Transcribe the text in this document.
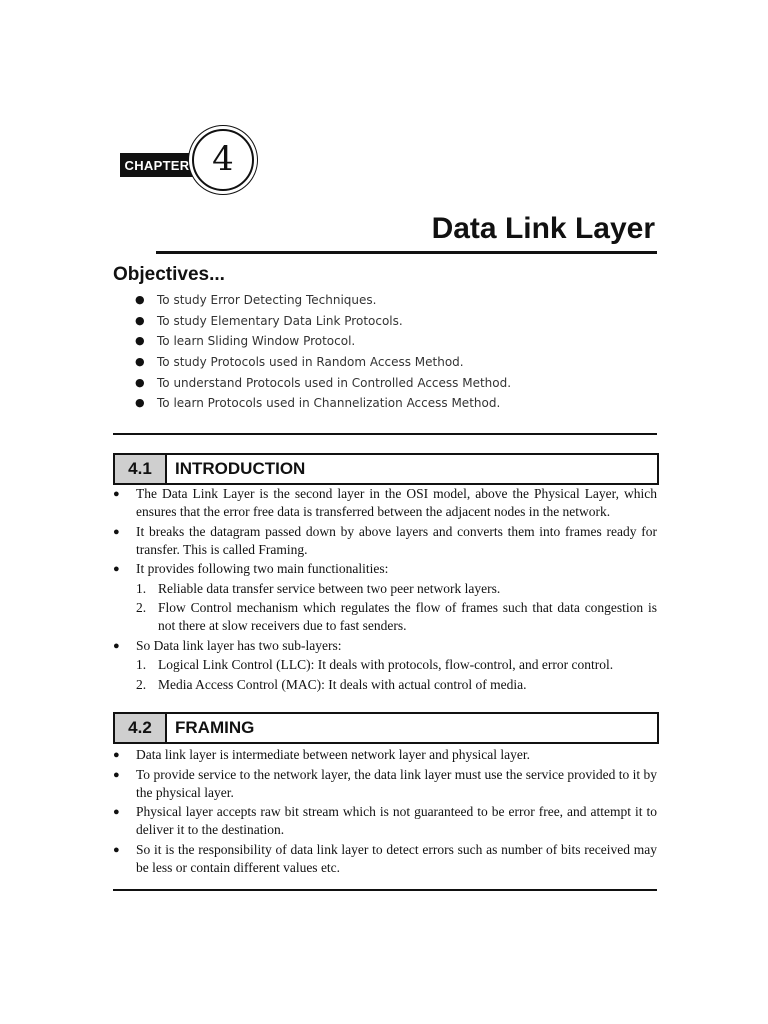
CHAPTER 4
Data Link Layer
Objectives...
● To study Error Detecting Techniques.
● To study Elementary Data Link Protocols.
● To learn Sliding Window Protocol.
● To study Protocols used in Random Access Method.
● To understand Protocols used in Controlled Access Method.
● To learn Protocols used in Channelization Access Method.
4.1	INTRODUCTION
● The Data Link Layer is the second layer in the OSI model, above the Physical Layer, which ensures that the error free data is transferred between the adjacent nodes in the network.
● It breaks the datagram passed down by above layers and converts them into frames ready for transfer. This is called Framing.
● It provides following two main functionalities:
1. Reliable data transfer service between two peer network layers.
2. Flow Control mechanism which regulates the flow of frames such that data congestion is not there at slow receivers due to fast senders.
● So Data link layer has two sub-layers:
1. Logical Link Control (LLC): It deals with protocols, flow-control, and error control.
2. Media Access Control (MAC): It deals with actual control of media.
4.2	FRAMING
● Data link layer is intermediate between network layer and physical layer.
● To provide service to the network layer, the data link layer must use the service provided to it by the physical layer.
● Physical layer accepts raw bit stream which is not guaranteed to be error free, and attempt it to deliver it to the destination.
● So it is the responsibility of data link layer to detect errors such as number of bits received may be less or contain different values etc.
